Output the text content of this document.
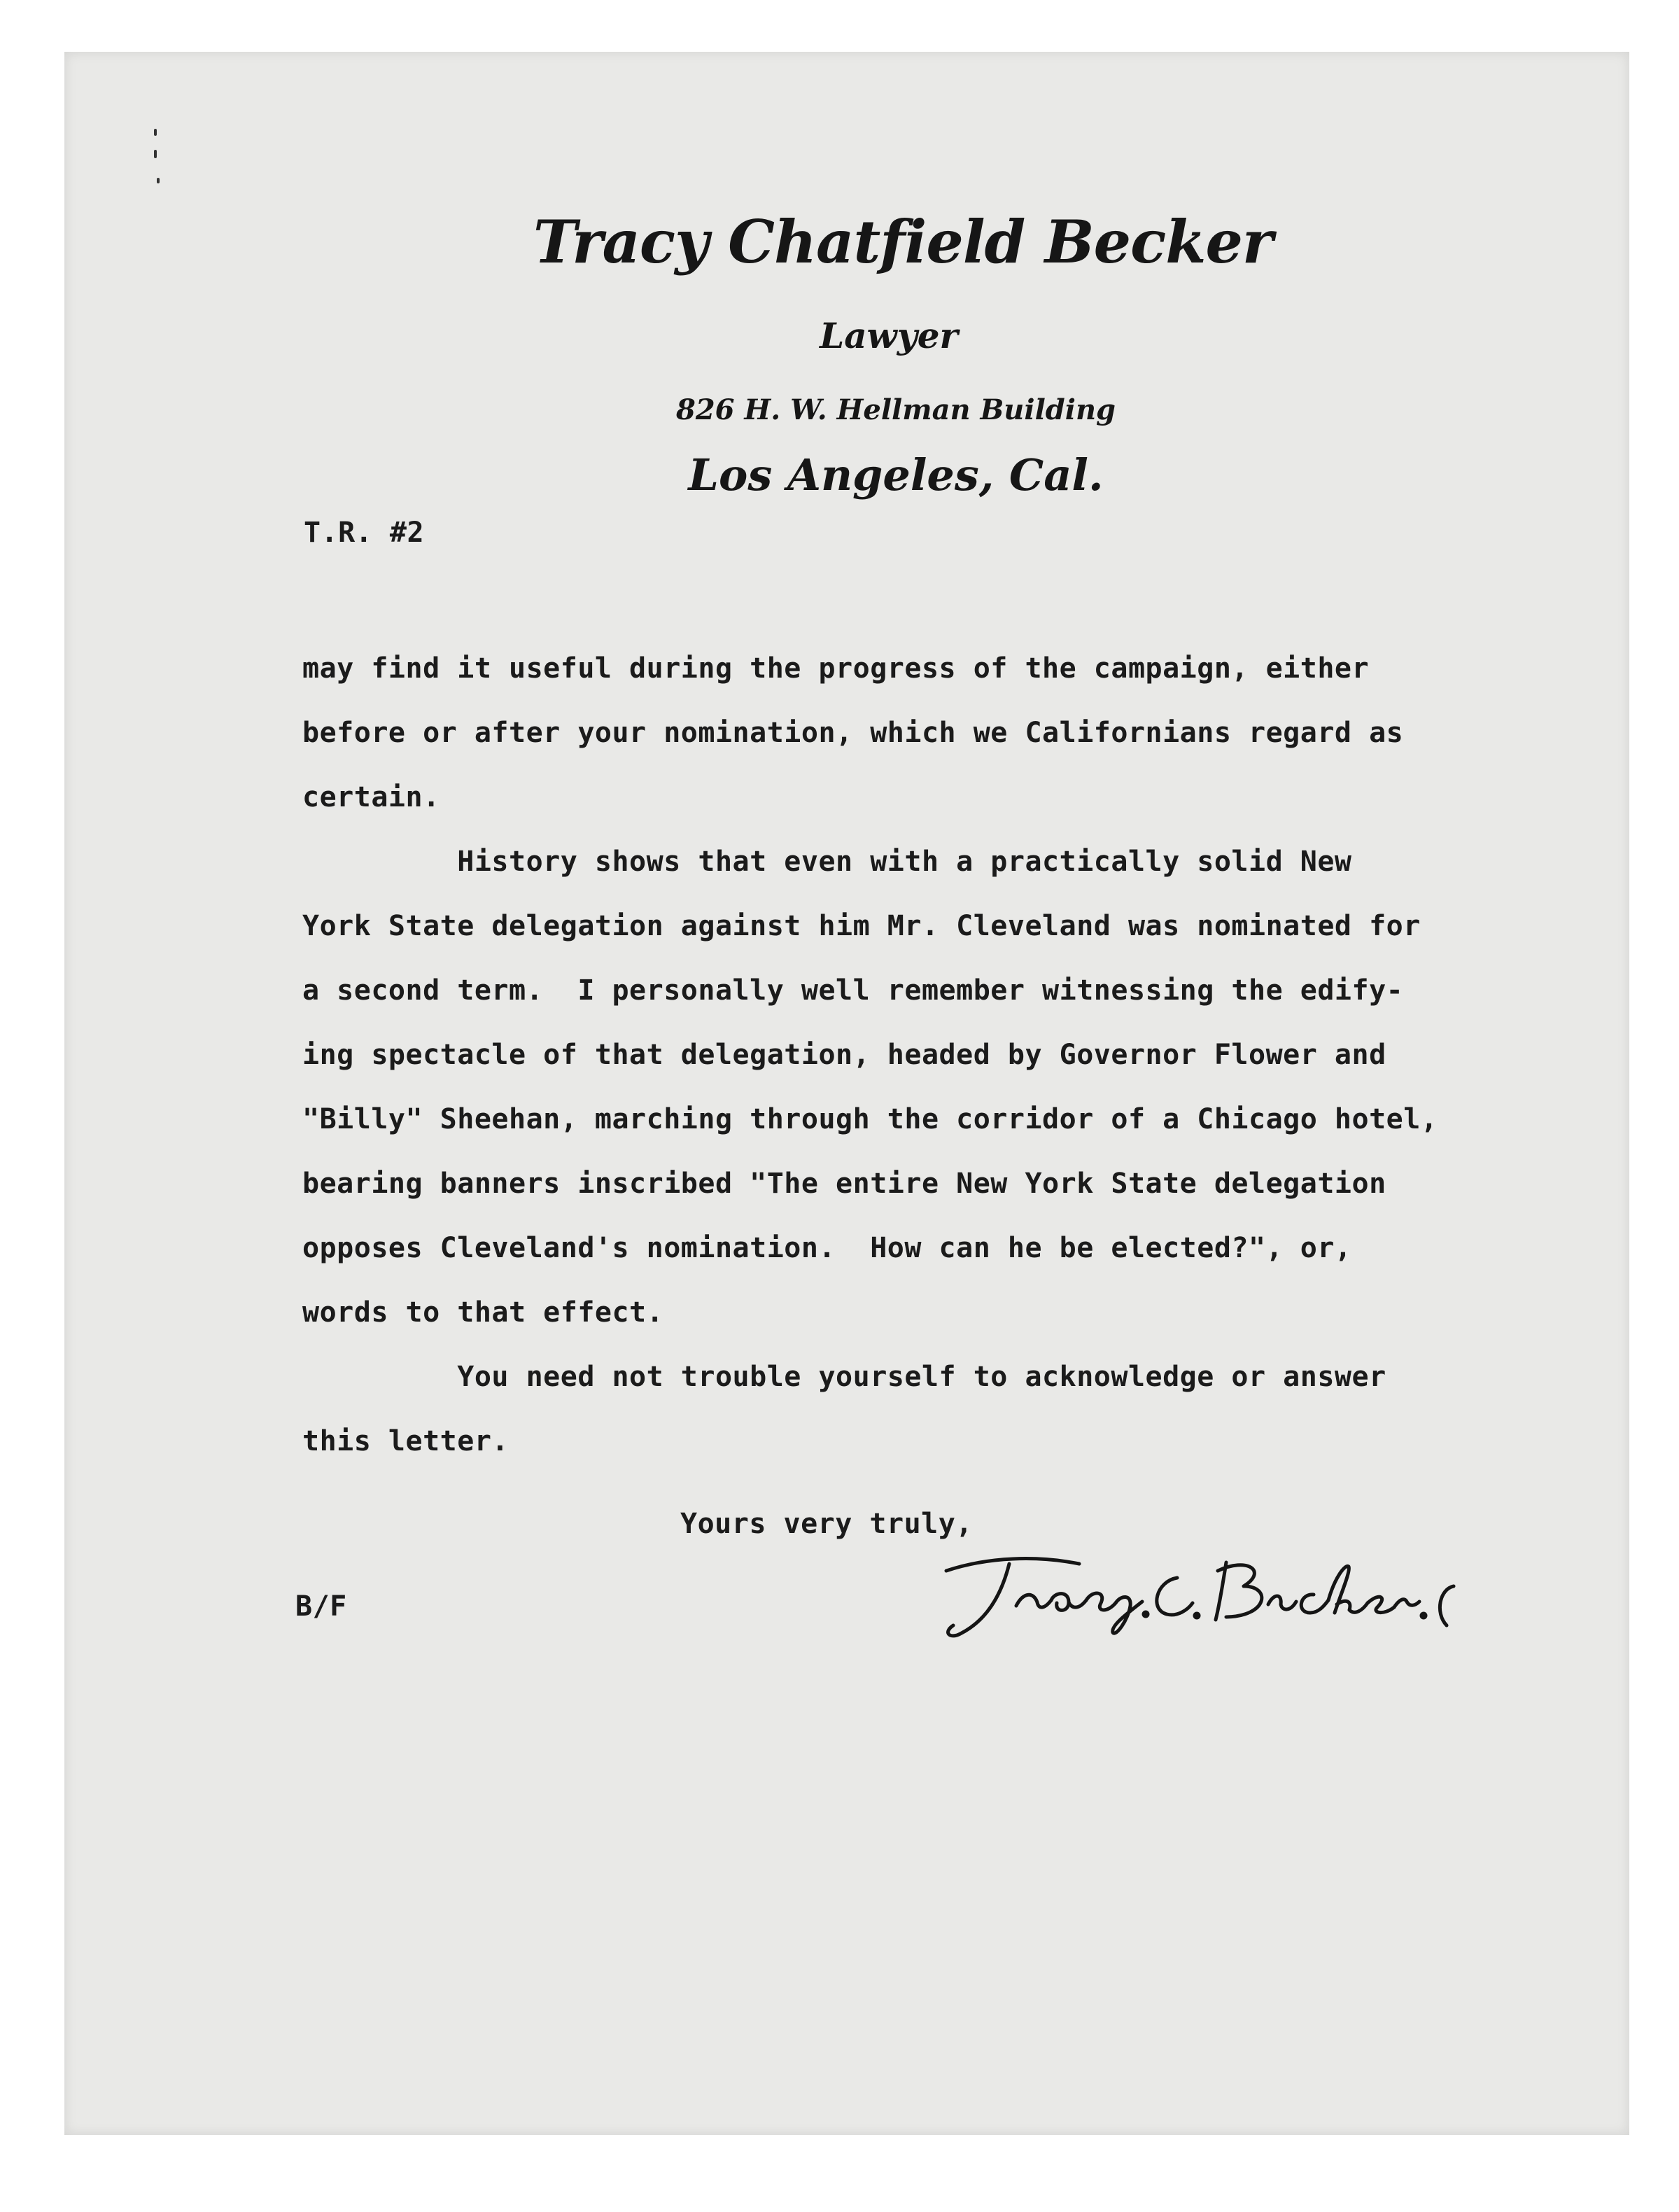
Tracy Chatfield Becker

Lawyer

826 H. W. Hellman Building

Los Angeles, Cal.

T.R. #2

may find it useful during the progress of the campaign, either

before or after your nomination, which we Californians regard as

certain.

History shows that even with a practically solid New

York State delegation against him Mr. Cleveland was nominated for

a second term.  I personally well remember witnessing the edify-

ing spectacle of that delegation, headed by Governor Flower and

"Billy" Sheehan, marching through the corridor of a Chicago hotel,

bearing banners inscribed "The entire New York State delegation

opposes Cleveland's nomination.  How can he be elected?", or,

words to that effect.

You need not trouble yourself to acknowledge or answer

this letter.

Yours very truly,

B/F
